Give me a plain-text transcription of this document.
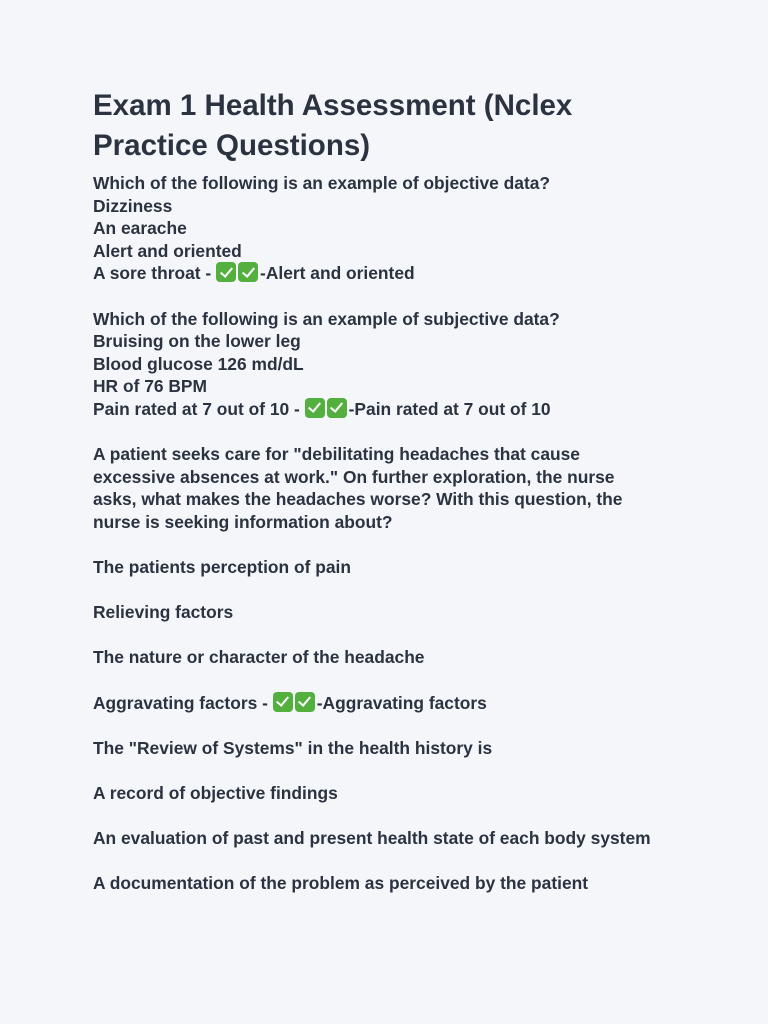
Exam 1 Health Assessment (Nclex Practice Questions)
Which of the following is an example of objective data?
Dizziness
An earache
Alert and oriented
A sore throat -	-Alert and oriented
Which of the following is an example of subjective data?
Bruising on the lower leg
Blood glucose 126 md/dL
HR of 76 BPM
Pain rated at 7 out of 10 -	-Pain rated at 7 out of 10
A patient seeks care for "debilitating headaches that cause excessive absences at work." On further exploration, the nurse asks, what makes the headaches worse? With this question, the nurse is seeking information about?
The patients perception of pain
Relieving factors
The nature or character of the headache
Aggravating factors -	-Aggravating factors
The "Review of Systems" in the health history is
A record of objective findings
An evaluation of past and present health state of each body system
A documentation of the problem as perceived by the patient
